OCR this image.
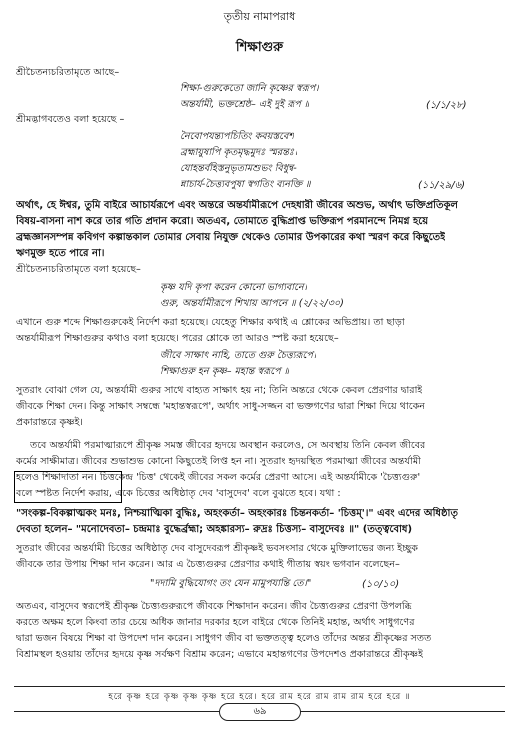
তৃতীয় নামাপরাধ
শিক্ষাগুরু
শ্রীচৈতন্যচরিতামৃতে আছে–
শিক্ষা-গুরুকেতো জানি কৃষ্ণের স্বরূপ।
অন্তর্যামী, ভক্তশ্রেষ্ঠ– এই দুই রূপ ॥	(১/১/২৮)
শ্রীমদ্ভাগবতেও বলা হয়েছে –
নৈবোপযন্ত্যপচিতিং কবয়স্তবেশ
ব্রহ্মায়ুষাপি কৃতমৃদ্ধমুদঃ স্মরন্তঃ।
যোহন্তর্বহিস্তনুভৃতামশুভং বিধুন্ব-
ন্নাচার্য-চৈত্ত্যবপুষা স্বগতিং ব্যনক্তি ॥	(১১/২৯/৬)
অর্থাৎ, হে ঈশ্বর, তুমি বাইরে আচার্যরূপে এবং অন্তরে অন্তর্যামীরূপে দেহধারী জীবের অশুভ, অর্থাৎ ভক্তিপ্রতিকূল
বিষয়-বাসনা নাশ করে তার গতি প্রদান করো। অতএব, তোমাতে বুদ্ধিপ্রাপ্ত ভক্তিরূপ পরমানন্দে নিমগ্ন হয়ে
ব্রহ্মজ্ঞানসম্পন্ন কবিগণ কল্পান্তকাল তোমার সেবায় নিযুক্ত থেকেও তোমার উপকারের কথা স্মরণ করে কিছুতেই
ঋণমুক্ত হতে পারে না।
শ্রীচৈতন্যচরিতামৃতে বলা হয়েছে–
কৃষ্ণ যদি কৃপা করেন কোনো ভাগ্যবানে।
গুরু, অন্তর্যামীরূপে শিখায় আপনে ॥ (২/২২/৩০)
এখানে গুরু শব্দে শিক্ষাগুরুকেই নির্দেশ করা হয়েছে। যেহেতু শিক্ষার কথাই এ শ্লোকের অভিপ্রায়। তা ছাড়া
অন্তর্যামীরূপ শিক্ষাগুরুর কথাও বলা হয়েছে। পরের শ্লোকে তা আরও স্পষ্ট করা হয়েছে–
জীবে সাক্ষাৎ নাহি, তাতে গুরু চৈত্ত্যরূপে।
শিক্ষাগুরু হন কৃষ্ণ– মহান্ত স্বরূপে ॥
সুতরাং বোঝা গেল যে, অন্তর্যামী গুরুর সাথে বাহ্যত সাক্ষাৎ হয় না; তিনি অন্তরে থেকে কেবল প্রেরণার দ্বারাই
জীবকে শিক্ষা দেন। কিন্তু সাক্ষাৎ সম্বন্ধে 'মহান্তস্বরূপে', অর্থাৎ সাধু-সজ্জন বা ভক্তগণের দ্বারা শিক্ষা দিয়ে থাকেন
প্রকারান্তরে কৃষ্ণই।
তবে অন্তর্যামী পরমাত্মারূপে শ্রীকৃষ্ণ সমস্ত জীবের হৃদয়ে অবস্থান করলেও, সে অবস্থায় তিনি কেবল জীবের
কর্মের সাক্ষীমাত্র। জীবের শুভাশুভ কোনো কিছুতেই লিপ্ত হন না। সুতরাং হৃদয়স্থিত পরমাত্মা জীবের অন্তর্যামী
হলেও শিক্ষাদাতা নন। চিত্তকেন্দ্র 'চিত্ত' থেকেই জীবের সকল কর্মের প্রেরণা আসে। এই অন্তর্যামীকে 'চৈত্ত্যগুরু'
বলে স্পষ্টত নির্দেশ করায়, একে চিত্তের অধিষ্ঠাতৃ দেব 'বাসুদেব' বলে বুঝতে হবে। যথা :
"সংকল্প-বিকল্পাত্মকং মনঃ, নিশ্চয়াত্মিকা বুদ্ধিঃ, অহংকর্তা– অহংকারঃ চিন্তনকর্তা– 'চিত্তম্'।" এবং এদের অধিষ্ঠাতৃ
দেবতা হলেন– "মনোদেবতা– চন্দ্রমাঃ বুদ্ধের্ব্রহ্মা; অহঙ্কারস্য– রুদ্রঃ চিত্তস্য– বাসুদেবঃ ॥" (তত্ত্ববোধ)
সুতরাং জীবের অন্তর্যামী চিত্তের অধিষ্ঠাতৃ দেব বাসুদেবরূপ শ্রীকৃষ্ণই ভবসংসার থেকে মুক্তিলাভের জন্য ইচ্ছুক
জীবকে তার উপায় শিক্ষা দান করেন। আর এ চৈত্ত্যগুরুর প্রেরণার কথাই গীতায় স্বয়ং ভগবান বলেছেন–
"দদামি বুদ্ধিযোগং তং যেন মামুপযান্তি তে।"	(১০/১০)
অতএব, বাসুদেব স্বরূপেই শ্রীকৃষ্ণ চৈত্ত্যগুরুরূপে জীবকে শিক্ষাদান করেন। জীব চৈত্ত্যগুরুর প্রেরণা উপলব্ধি
করতে অক্ষম হলে কিংবা তার চেয়ে অধিক জানার দরকার হলে বাইরে থেকে তিনিই মহান্ত, অর্থাৎ সাধুগণের
দ্বারা ভজন বিষয়ে শিক্ষা বা উপদেশ দান করেন। সাধুগণ জীব বা ভক্ততত্ত্ব হলেও তাঁদের অন্তর শ্রীকৃষ্ণের সতত
বিশ্রামস্থল হওয়ায় তাঁদের হৃদয়ে কৃষ্ণ সর্বক্ষণ বিশ্রাম করেন; এভাবে মহান্তগণের উপদেশও প্রকারান্তরে শ্রীকৃষ্ণই
হরে কৃষ্ণ হরে কৃষ্ণ কৃষ্ণ কৃষ্ণ হরে হরে। হরে রাম হরে রাম রাম রাম হরে হরে ॥
৬৯
